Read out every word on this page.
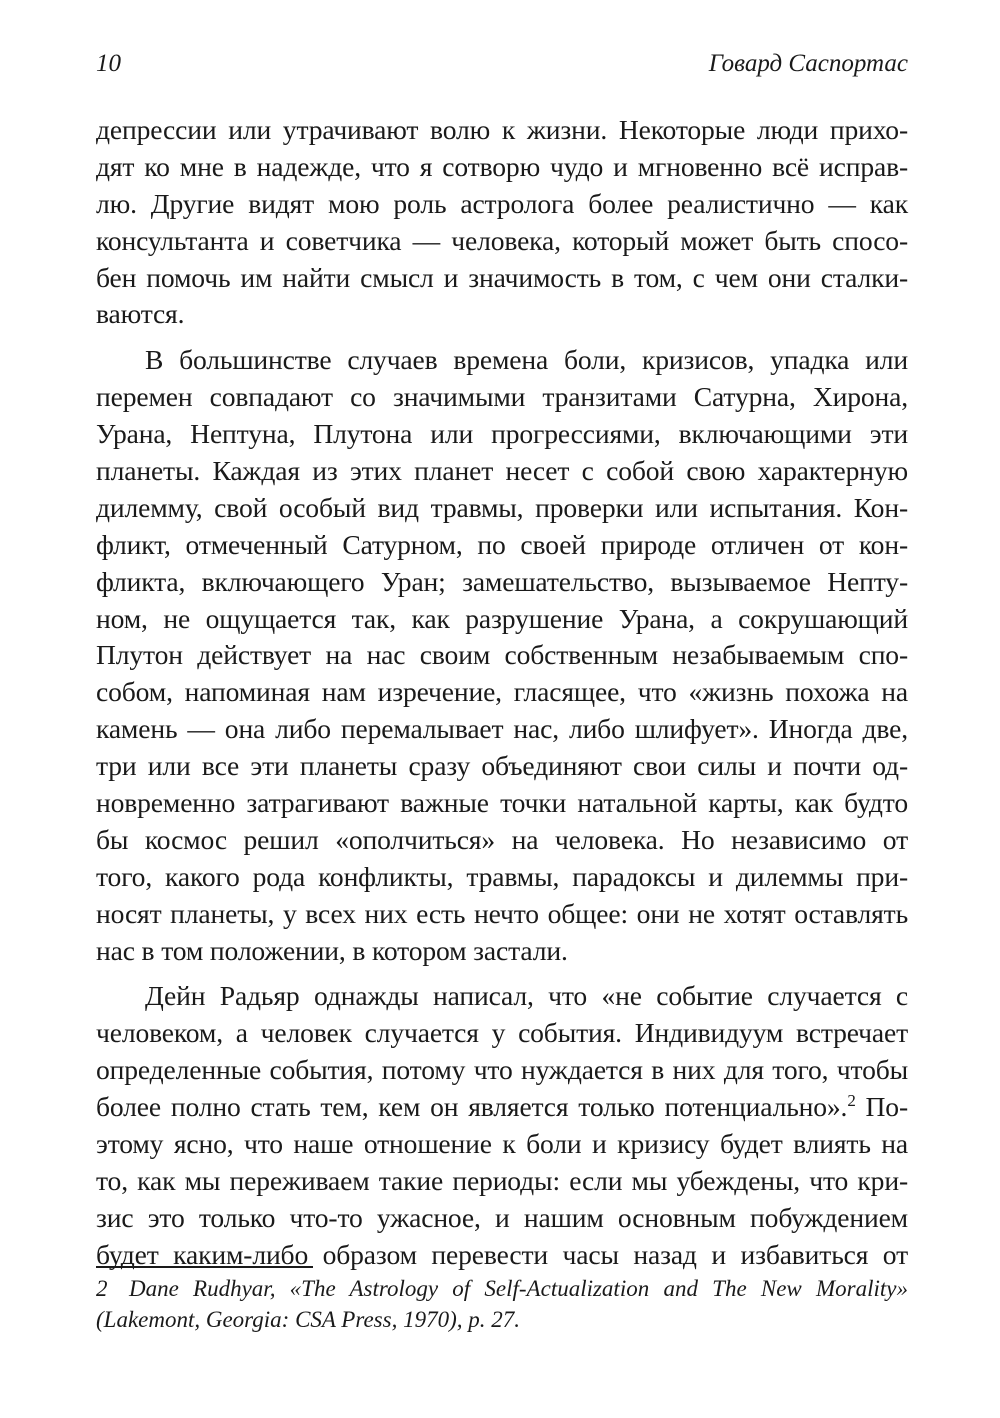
10	Говард Саспортас
депрессии или утрачивают волю к жизни. Некоторые люди прихо-
дят ко мне в надежде, что я сотворю чудо и мгновенно всё исправ-
лю. Другие видят мою роль астролога более реалистично — как
консультанта и советчика — человека, который может быть спосо-
бен помочь им найти смысл и значимость в том, с чем они сталки-
ваются.
В большинстве случаев времена боли, кризисов, упадка или
перемен совпадают со значимыми транзитами Сатурна, Хирона,
Урана, Нептуна, Плутона или прогрессиями, включающими эти
планеты. Каждая из этих планет несет с собой свою характерную
дилемму, свой особый вид травмы, проверки или испытания. Кон-
фликт, отмеченный Сатурном, по своей природе отличен от кон-
фликта, включающего Уран; замешательство, вызываемое Непту-
ном, не ощущается так, как разрушение Урана, а сокрушающий
Плутон действует на нас своим собственным незабываемым спо-
собом, напоминая нам изречение, гласящее, что «жизнь похожа на
камень — она либо перемалывает нас, либо шлифует». Иногда две,
три или все эти планеты сразу объединяют свои силы и почти од-
новременно затрагивают важные точки натальной карты, как будто
бы космос решил «ополчиться» на человека. Но независимо от
того, какого рода конфликты, травмы, парадоксы и дилеммы при-
носят планеты, у всех них есть нечто общее: они не хотят оставлять
нас в том положении, в котором застали.
Дейн Радьяр однажды написал, что «не событие случается с
человеком, а человек случается у события. Индивидуум встречает
определенные события, потому что нуждается в них для того, чтобы
более полно стать тем, кем он является только потенциально».$^2$ По-
этому ясно, что наше отношение к боли и кризису будет влиять на
то, как мы переживаем такие периоды: если мы убеждены, что кри-
зис это только что-то ужасное, и нашим основным побуждением
будет каким-либо образом перевести часы назад и избавиться от
2 Dane Rudhyar, «The Astrology of Self-Actualization and The New Morality»
(Lakemont, Georgia: CSA Press, 1970), p. 27.
